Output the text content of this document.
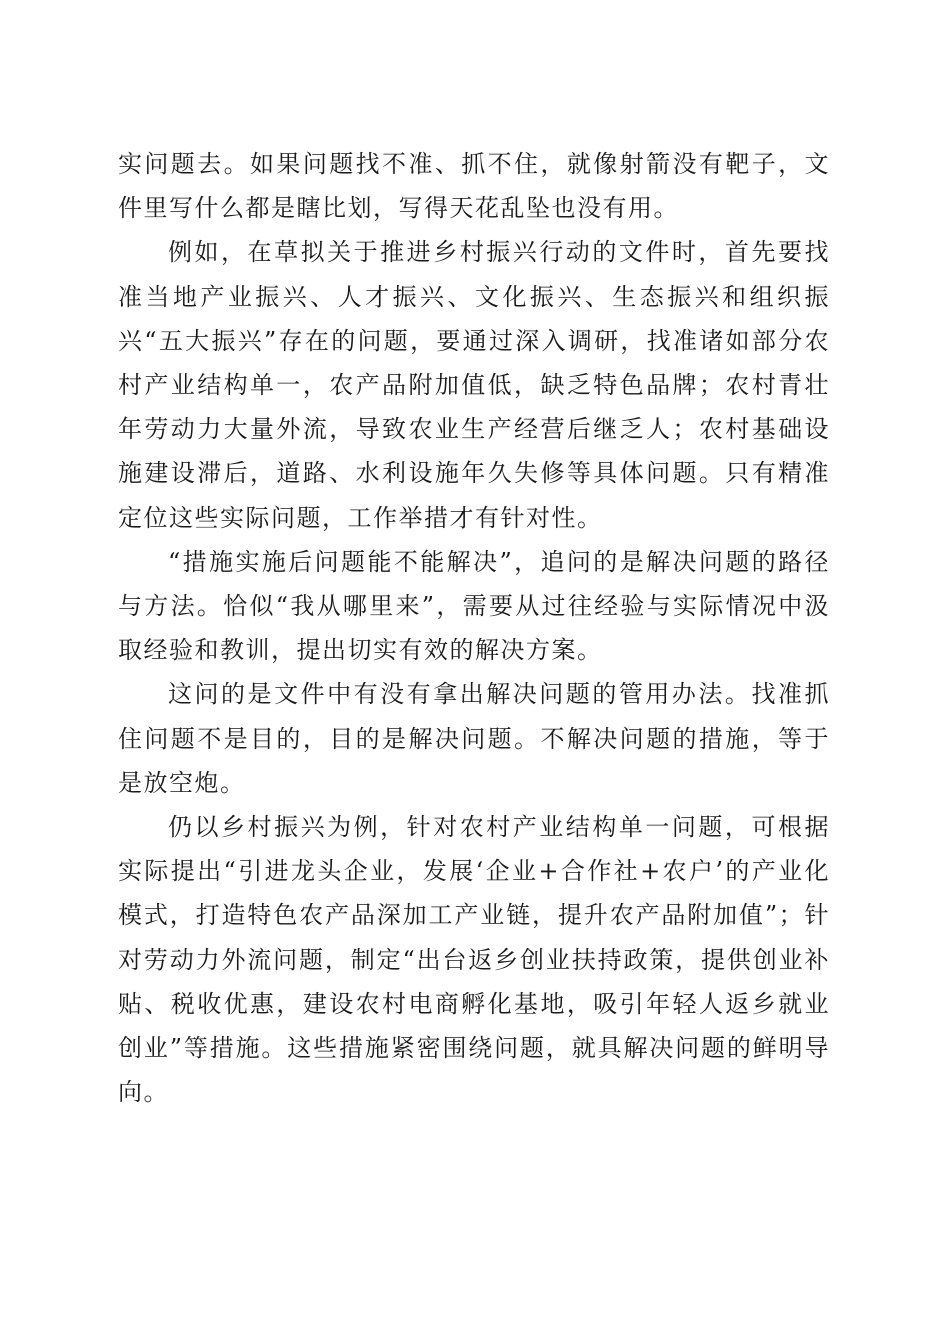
实问题去。如果问题找不准、抓不住，就像射箭没有靶子，文件里写什么都是瞎比划，写得天花乱坠也没有用。

例如，在草拟关于推进乡村振兴行动的文件时，首先要找准当地产业振兴、人才振兴、文化振兴、生态振兴和组织振兴“五大振兴”存在的问题，要通过深入调研，找准诸如部分农村产业结构单一，农产品附加值低，缺乏特色品牌；农村青壮年劳动力大量外流，导致农业生产经营后继乏人；农村基础设施建设滞后，道路、水利设施年久失修等具体问题。只有精准定位这些实际问题，工作举措才有针对性。

“措施实施后问题能不能解决”，追问的是解决问题的路径与方法。恰似“我从哪里来”，需要从过往经验与实际情况中汲取经验和教训，提出切实有效的解决方案。

这问的是文件中有没有拿出解决问题的管用办法。找准抓住问题不是目的，目的是解决问题。不解决问题的措施，等于是放空炮。

仍以乡村振兴为例，针对农村产业结构单一问题，可根据实际提出“引进龙头企业，发展‘企业+合作社+农户’的产业化模式，打造特色农产品深加工产业链，提升农产品附加值”；针对劳动力外流问题，制定“出台返乡创业扶持政策，提供创业补贴、税收优惠，建设农村电商孵化基地，吸引年轻人返乡就业创业”等措施。这些措施紧密围绕问题，就具解决问题的鲜明导向。
